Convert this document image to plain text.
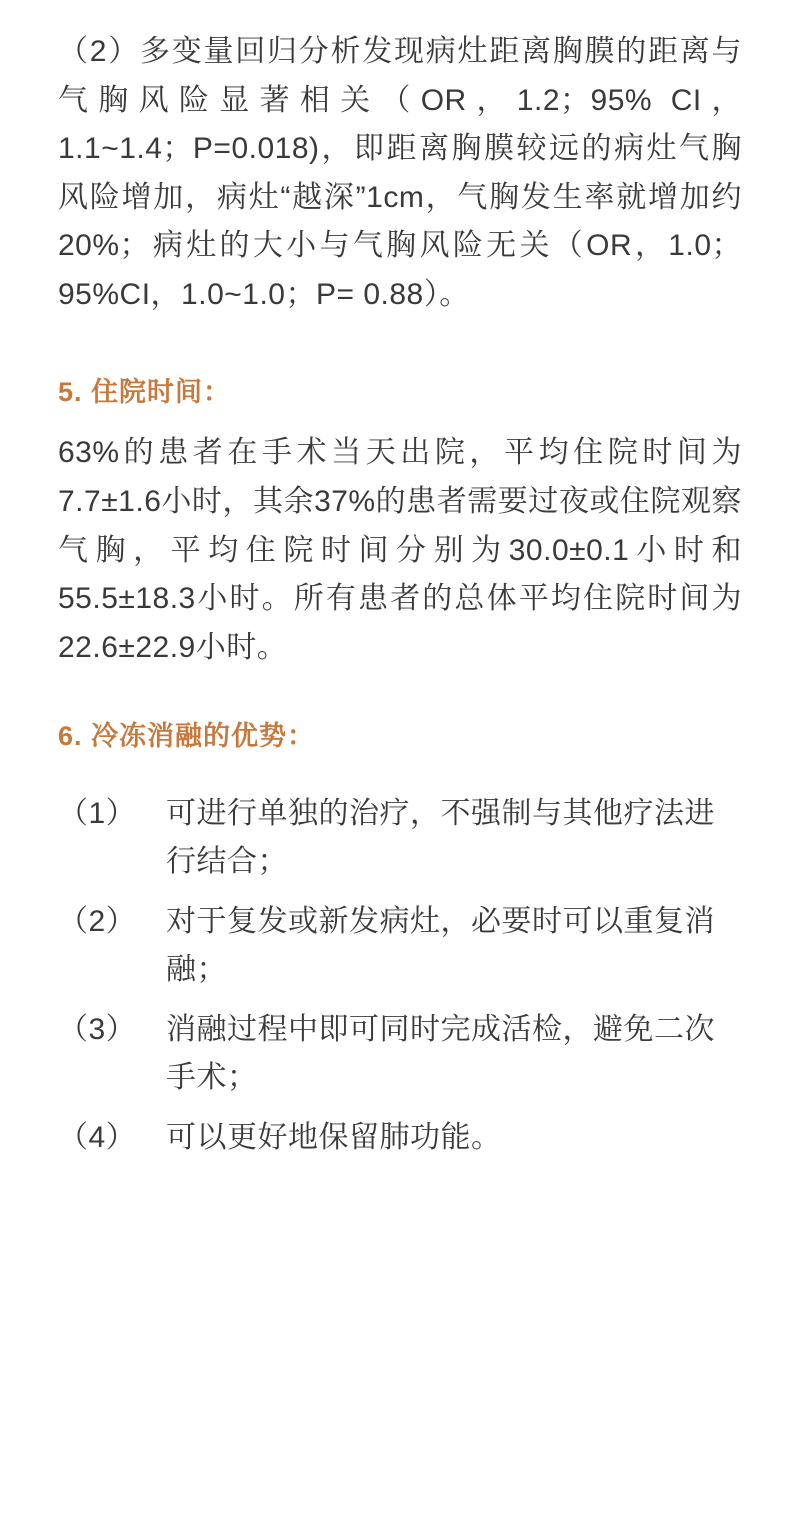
（2）多变量回归分析发现病灶距离胸膜的距离与气胸风险显著相关（OR，1.2；95% CI，1.1~1.4；P=0.018)，即距离胸膜较远的病灶气胸风险增加，病灶“越深”1cm，气胸发生率就增加约20%；病灶的大小与气胸风险无关（OR，1.0；95%CI，1.0~1.0；P= 0.88）。

5. 住院时间：

63%的患者在手术当天出院，平均住院时间为7.7±1.6小时，其余37%的患者需要过夜或住院观察气胸，平均住院时间分别为30.0±0.1小时和55.5±18.3小时。所有患者的总体平均住院时间为22.6±22.9小时。

6. 冷冻消融的优势：
（1） 可进行单独的治疗，不强制与其他疗法进行结合；
（2） 对于复发或新发病灶，必要时可以重复消融；
（3） 消融过程中即可同时完成活检，避免二次手术；
（4） 可以更好地保留肺功能。
